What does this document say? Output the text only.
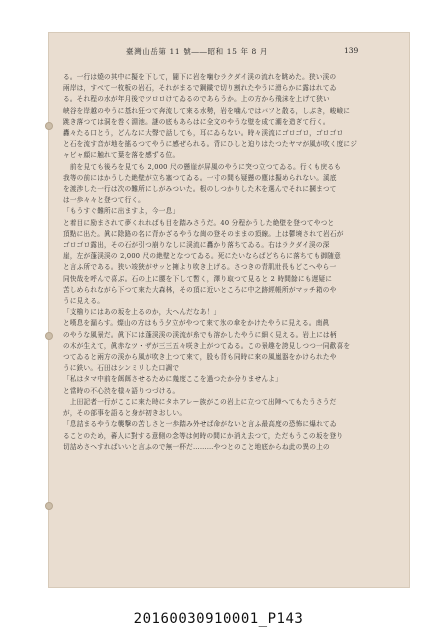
臺灣山岳第 11 號――昭和 15 年 8 月	139

る。一行は燒の其中に擬を下して，闇下に岩を噛むラクダイ渓の流れを眺めた。狭い渓の

兩岸は，すべて一枚板の岩石，それがまるで鋼鐵で切り割れたやうに滑らかに露はれてゐ

る。それ程の水が年月後でツロロけてゐるのであらうか。上の方から飛沫を上げて狭い

峡谷を岸越のやうに基れ狂つて奔流して來る水勢，岩を噛んではバフと散る，しぶき，峻嶮に

跳き落つては洞を巻く淵池。謎の底もあらはに全文のやうな壁を成て潮を造ぎて行く。

轟々たる口とう，どんなに大聲で話しても，耳にゐらない。時々渓流にゴロゴロ，ゴロゴロ

と石を流す音が地を搖るつてやうに感ぜられる。背にひしと迫りはたつたヤマが風が吹く度にジ

ャビャ顔に触れて葉を落を感ずる位。

　前を見ても後ろを見ても 2,000 尺の懸崖が屏風のやうに突つ立つてゐる。行くも戻るも

我等の前にはかうした絶壁が立ち塞つてゐる。一寸の間も疑懸の塵は擬められない。溪底

を渡渉した一行は次の難所にしがみついた。根のしつかりした木を選んでそれに摑まつて

は一歩々々と登つて行く。

「もうすぐ難所に出ますよ，今一息」

と着目に励まされて夢くれればも目を踏みさうだ。40 分程かうした絶壁を登つてやつと

頂點に出た。眞に除路の名に背かざるやうな崗の登そのままの頂線。上は鬱境されて岩石が

ゴロゴロ露出，その石が引つ崩りなしに渓流に轟かり落ちてゐる。右はラクダイ渓の深

崖，左が蓬渓渓の 2,000 尺の絶壁となつてゐる。死にたいならばどちらに落ちても御随意

と言ふ所である。狭い竣狹がサッと擁より吹き上げる。さつきの青肌壯長もどこへやら一

同快哉を呼んで喜ぶ。石の上に腰を下して暫く，澤り取つて見ると 2 時間餘にも遅疑に

苦しめられながら下つて來た大森林，その頂に近いところに中之跡經帳所がマッチ箱のや

うに見える。

「支櫓りにはあの坂を上るのか，大へんだなあ！」

と嘆息を漏らす。燦山の方はもう夕立がやつて來て氷の傘をかけたやうに見える。南眞

のやうな風景だ。眞下には蓬渓渓の渓流が糸でも溶かしたやうに細く見える。岩上には柄

の木が生えて，眞赤なツ・ザが三三五々咲き上がつてゐる。この景趣を誇見しつつ一同歡喜を

つてゐると兩方の渓から風が吹き上つて來て，股も背も同時に來の風嵐器をかけられたや

うに鉄い。石田はシンミリした口調で

「私はタマ中前を餌餌させるために幾度ここを過つたか分りませんよ」

と當時の不心渋を様々語りつづける。

　上田記者一行がここに來た時にタホアレー族がこの岩上に立つて出陣へてもたうさうだ

が，その部事を語ると身が初きおしい。

「息詰まるやうな襲撃の苦しさと一歩踏み外せば命がないと言ふ最高度の恐怖に爆れてゐ

ることのため，蕃人に對する意側の念等は何時の間にか消え去つて，ただもうこの坂を登り

切詰めさへすればいいと言ふので無一杯だ………やつとのこと地底からね此の異の上の

20160030910001_P143
